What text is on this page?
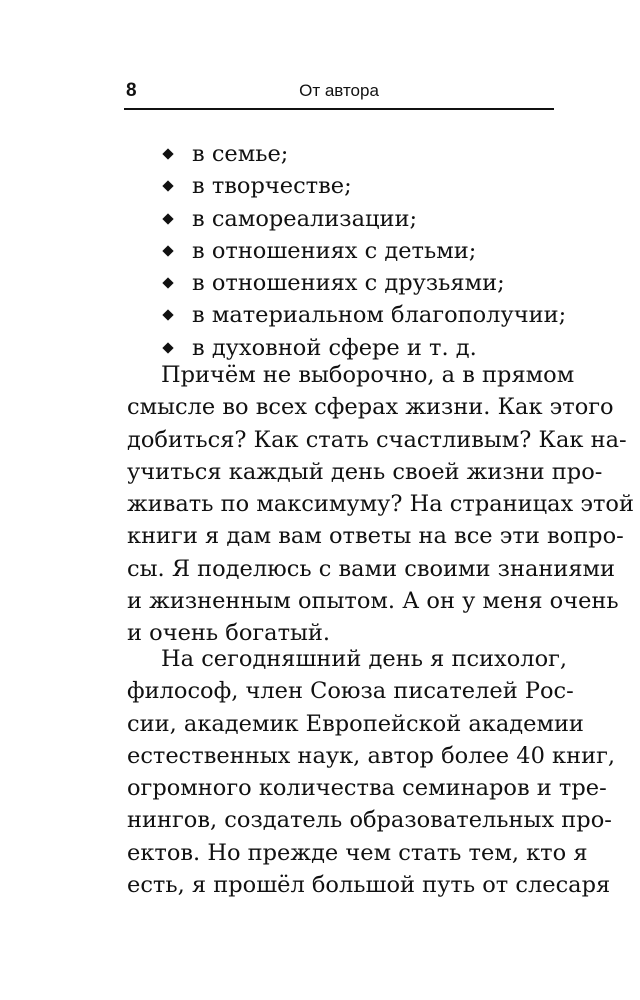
8	От автора
в семье;
в творчестве;
в самореализации;
в отношениях с детьми;
в отношениях с друзьями;
в материальном благополучии;
в духовной сфере и т. д.

Причём не выборочно, а в прямом
смысле во всех сферах жизни. Как этого
добиться? Как стать счастливым? Как на-
учиться каждый день своей жизни про-
живать по максимуму? На страницах этой
книги я дам вам ответы на все эти вопро-
сы. Я поделюсь с вами своими знаниями
и жизненным опытом. А он у меня очень
и очень богатый.

На сегодняшний день я психолог,
философ, член Союза писателей Рос-
сии, академик Европейской академии
естественных наук, автор более 40 книг,
огромного количества семинаров и тре-
нингов, создатель образовательных про-
ектов. Но прежде чем стать тем, кто я
есть, я прошёл большой путь от слесаря
